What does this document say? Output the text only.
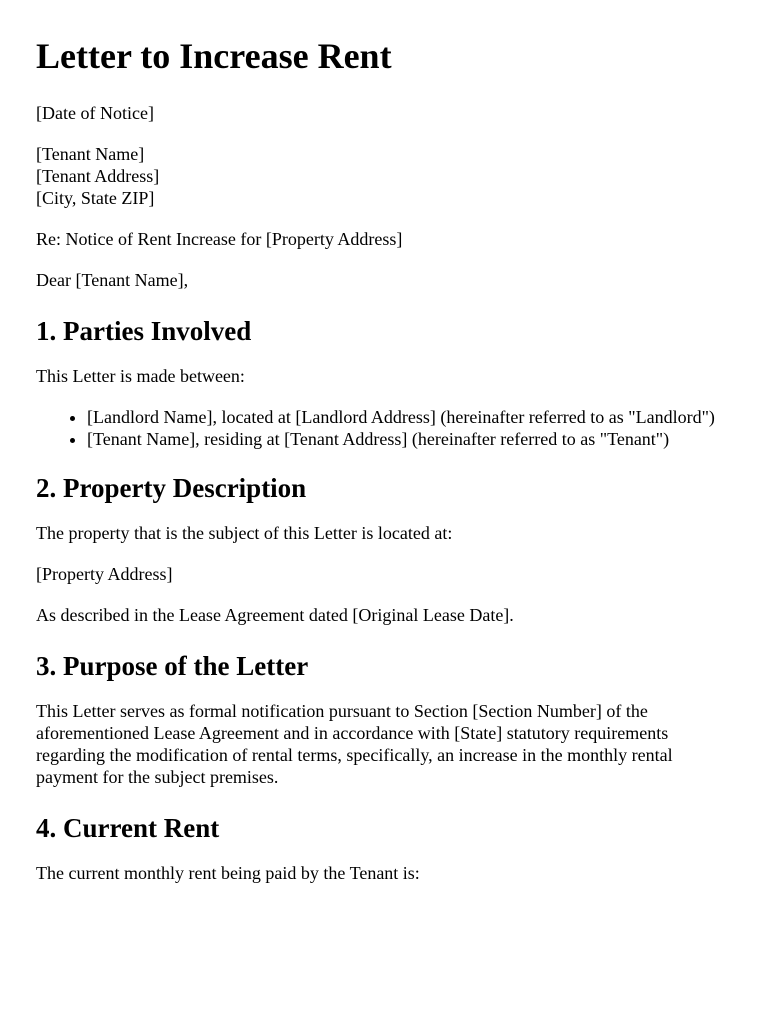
Letter to Increase Rent

[Date of Notice]

[Tenant Name]
[Tenant Address]
[City, State ZIP]

Re: Notice of Rent Increase for [Property Address]

Dear [Tenant Name],

1. Parties Involved

This Letter is made between:

• [Landlord Name], located at [Landlord Address] (hereinafter referred to as "Landlord")
• [Tenant Name], residing at [Tenant Address] (hereinafter referred to as "Tenant")
2. Property Description

The property that is the subject of this Letter is located at:

[Property Address]

As described in the Lease Agreement dated [Original Lease Date].

3. Purpose of the Letter

This Letter serves as formal notification pursuant to Section [Section Number] of the aforementioned Lease Agreement and in accordance with [State] statutory requirements regarding the modification of rental terms, specifically, an increase in the monthly rental payment for the subject premises.

4. Current Rent

The current monthly rent being paid by the Tenant is:
